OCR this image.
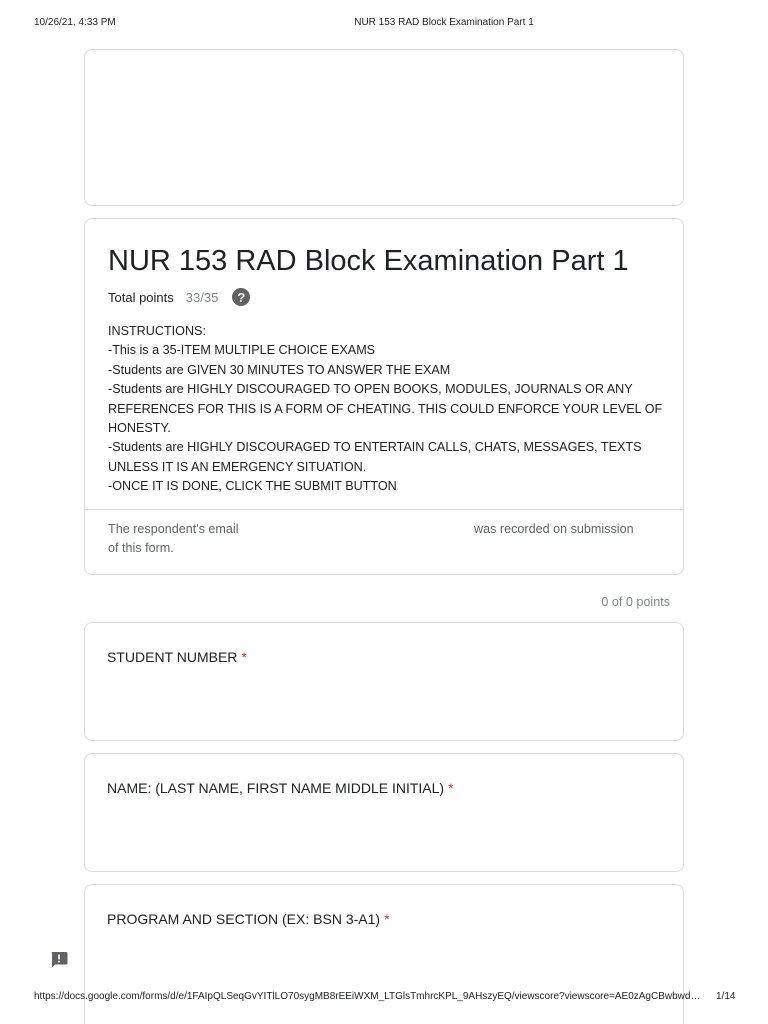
10/26/21, 4:33 PM	NUR 153 RAD Block Examination Part 1
NUR 153 RAD Block Examination Part 1
Total points 33/35	?
INSTRUCTIONS:
-This is a 35-ITEM MULTIPLE CHOICE EXAMS
-Students are GIVEN 30 MINUTES TO ANSWER THE EXAM
-Students are HIGHLY DISCOURAGED TO OPEN BOOKS, MODULES, JOURNALS OR ANY REFERENCES FOR THIS IS A FORM OF CHEATING. THIS COULD ENFORCE YOUR LEVEL OF HONESTY.
-Students are HIGHLY DISCOURAGED TO ENTERTAIN CALLS, CHATS, MESSAGES, TEXTS UNLESS IT IS AN EMERGENCY SITUATION.
-ONCE IT IS DONE, CLICK THE SUBMIT BUTTON
The respondent's email	was recorded on submission
of this form.
0 of 0 points
STUDENT NUMBER *
NAME: (LAST NAME, FIRST NAME MIDDLE INITIAL) *
PROGRAM AND SECTION (EX: BSN 3-A1) *
https://docs.google.com/forms/d/e/1FAIpQLSeqGvYITlLO70sygMB8rEEiWXM_LTGlsTmhrcKPL_9AHszyEQ/viewscore?viewscore=AE0zAgCBwbwd…	1/14
